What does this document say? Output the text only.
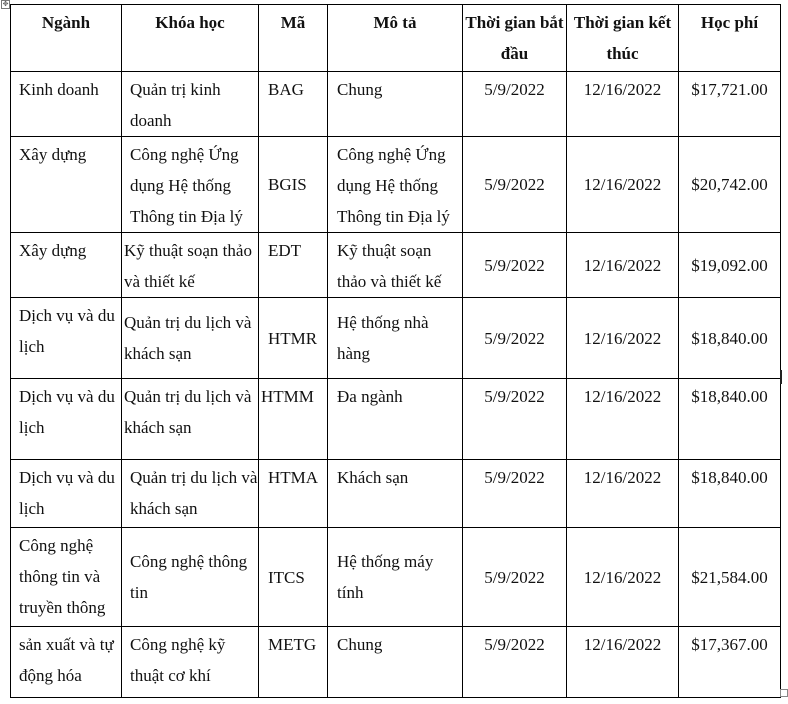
✥
Ngành	Khóa học	Mã	Mô tả	Thời gian bắt đầu	Thời gian kết thúc	Học phí
Kinh doanh	Quản trị kinh doanh	BAG	Chung	5/9/2022	12/16/2022	$17,721.00
Xây dựng	Công nghệ Ứng dụng Hệ thống Thông tin Địa lý	BGIS	Công nghệ Ứng dụng Hệ thống Thông tin Địa lý	5/9/2022	12/16/2022	$20,742.00
Xây dựng	Kỹ thuật soạn thảo và thiết kế	EDT	Kỹ thuật soạn thảo và thiết kế	5/9/2022	12/16/2022	$19,092.00
Dịch vụ và du lịch	Quản trị du lịch và khách sạn	HTMR	Hệ thống nhà hàng	5/9/2022	12/16/2022	$18,840.00
Dịch vụ và du lịch	Quản trị du lịch và khách sạn	HTMM	Đa ngành	5/9/2022	12/16/2022	$18,840.00
Dịch vụ và du lịch	Quản trị du lịch và khách sạn	HTMA	Khách sạn	5/9/2022	12/16/2022	$18,840.00
Công nghệ thông tin và truyền thông	Công nghệ thông tin	ITCS	Hệ thống máy tính	5/9/2022	12/16/2022	$21,584.00
sản xuất và tự động hóa	Công nghệ kỹ thuật cơ khí	METG	Chung	5/9/2022	12/16/2022	$17,367.00
